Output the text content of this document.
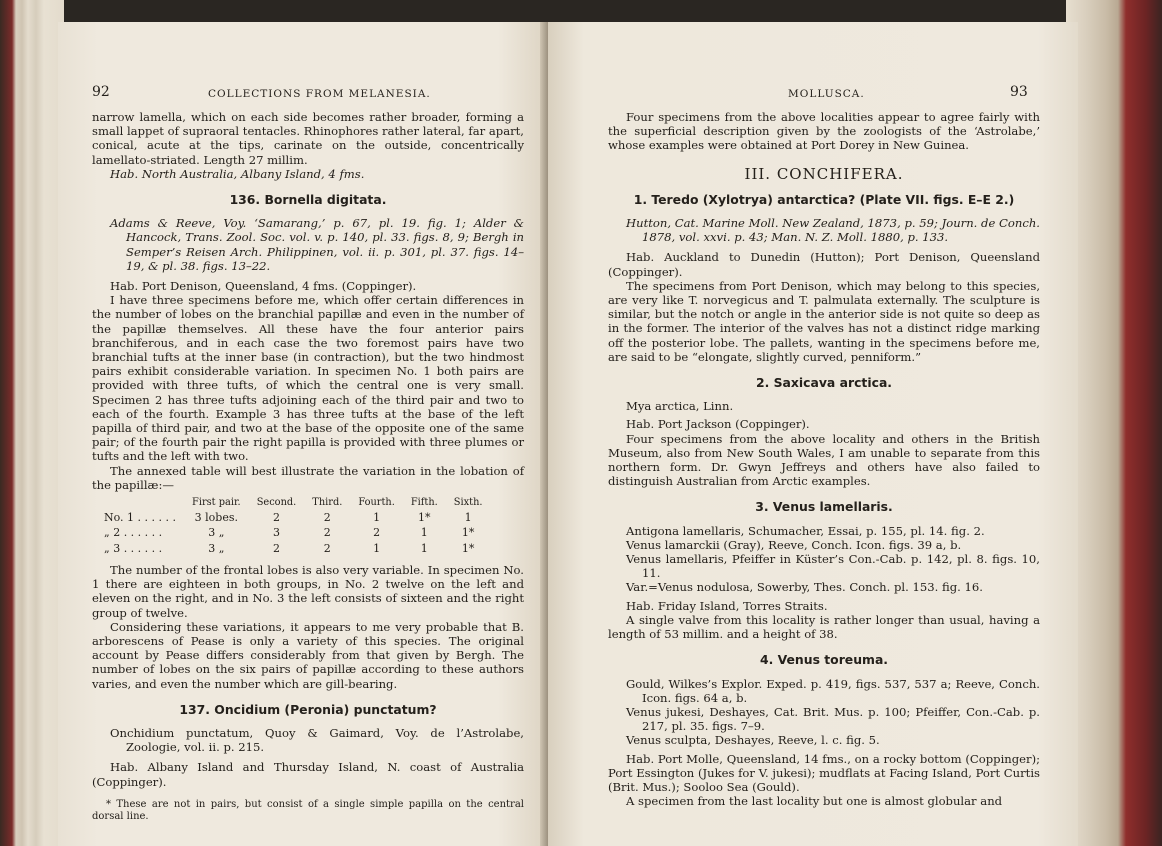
92	COLLECTIONS FROM MELANESIA.

narrow lamella, which on each side becomes rather broader, forming a small lappet of supraoral tentacles. Rhinophores rather lateral, far apart, conical, acute at the tips, carinate on the outside, concentrically lamellato-striated. Length 27 millim.

Hab. North Australia, Albany Island, 4 fms.

136. Bornella digitata.

Adams & Reeve, Voy. ‘Samarang,’ p. 67, pl. 19. fig. 1; Alder & Hancock, Trans. Zool. Soc. vol. v. p. 140, pl. 33. figs. 8, 9; Bergh in Semper’s Reisen Arch. Philippinen, vol. ii. p. 301, pl. 37. figs. 14–19, & pl. 38. figs. 13–22.

Hab. Port Denison, Queensland, 4 fms. (Coppinger).

I have three specimens before me, which offer certain differences in the number of lobes on the branchial papillæ and even in the number of the papillæ themselves. All these have the four anterior pairs branchiferous, and in each case the two foremost pairs have two branchial tufts at the inner base (in contraction), but the two hindmost pairs exhibit considerable variation. In specimen No. 1 both pairs are provided with three tufts, of which the central one is very small. Specimen 2 has three tufts adjoining each of the third pair and two to each of the fourth. Example 3 has three tufts at the base of the left papilla of third pair, and two at the base of the opposite one of the same pair; of the fourth pair the right papilla is provided with three plumes or tufts and the left with two.

The annexed table will best illustrate the variation in the lobation of the papillæ:—

	First pair.	Second.	Third.	Fourth.	Fifth.	Sixth.
No. 1 . . . . . .	3 lobes.	2	2	1	1*	1
„ 2 . . . . . .	3 „	3	2	2	1	1*
„ 3 . . . . . .	3 „	2	2	1	1	1*

The number of the frontal lobes is also very variable. In specimen No. 1 there are eighteen in both groups, in No. 2 twelve on the left and eleven on the right, and in No. 3 the left consists of sixteen and the right group of twelve.

Considering these variations, it appears to me very probable that B. arborescens of Pease is only a variety of this species. The original account by Pease differs considerably from that given by Bergh. The number of lobes on the six pairs of papillæ according to these authors varies, and even the number which are gill-bearing.

137. Oncidium (Peronia) punctatum?

Onchidium punctatum, Quoy & Gaimard, Voy. de l’Astrolabe, Zoologie, vol. ii. p. 215.

Hab. Albany Island and Thursday Island, N. coast of Australia (Coppinger).

* These are not in pairs, but consist of a single simple papilla on the central dorsal line.

MOLLUSCA.	93

Four specimens from the above localities appear to agree fairly with the superficial description given by the zoologists of the ‘Astrolabe,’ whose examples were obtained at Port Dorey in New Guinea.

III. CONCHIFERA.
1. Teredo (Xylotrya) antarctica? (Plate VII. figs. E–E 2.)

Hutton, Cat. Marine Moll. New Zealand, 1873, p. 59; Journ. de Conch. 1878, vol. xxvi. p. 43; Man. N. Z. Moll. 1880, p. 133.

Hab. Auckland to Dunedin (Hutton); Port Denison, Queensland (Coppinger).

The specimens from Port Denison, which may belong to this species, are very like T. norvegicus and T. palmulata externally. The sculpture is similar, but the notch or angle in the anterior side is not quite so deep as in the former. The interior of the valves has not a distinct ridge marking off the posterior lobe. The pallets, wanting in the specimens before me, are said to be “elongate, slightly curved, penniform.”

2. Saxicava arctica.

Mya arctica, Linn.

Hab. Port Jackson (Coppinger).

Four specimens from the above locality and others in the British Museum, also from New South Wales, I am unable to separate from this northern form. Dr. Gwyn Jeffreys and others have also failed to distinguish Australian from Arctic examples.

3. Venus lamellaris.

Antigona lamellaris, Schumacher, Essai, p. 155, pl. 14. fig. 2.

Venus lamarckii (Gray), Reeve, Conch. Icon. figs. 39 a, b.

Venus lamellaris, Pfeiffer in Küster’s Con.-Cab. p. 142, pl. 8. figs. 10, 11.

Var.=Venus nodulosa, Sowerby, Thes. Conch. pl. 153. fig. 16.

Hab. Friday Island, Torres Straits.

A single valve from this locality is rather longer than usual, having a length of 53 millim. and a height of 38.

4. Venus toreuma.

Gould, Wilkes’s Explor. Exped. p. 419, figs. 537, 537 a; Reeve, Conch. Icon. figs. 64 a, b.

Venus jukesi, Deshayes, Cat. Brit. Mus. p. 100; Pfeiffer, Con.-Cab. p. 217, pl. 35. figs. 7–9.

Venus sculpta, Deshayes, Reeve, l. c. fig. 5.

Hab. Port Molle, Queensland, 14 fms., on a rocky bottom (Coppinger); Port Essington (Jukes for V. jukesi); mudflats at Facing Island, Port Curtis (Brit. Mus.); Sooloo Sea (Gould).

A specimen from the last locality but one is almost globular and
